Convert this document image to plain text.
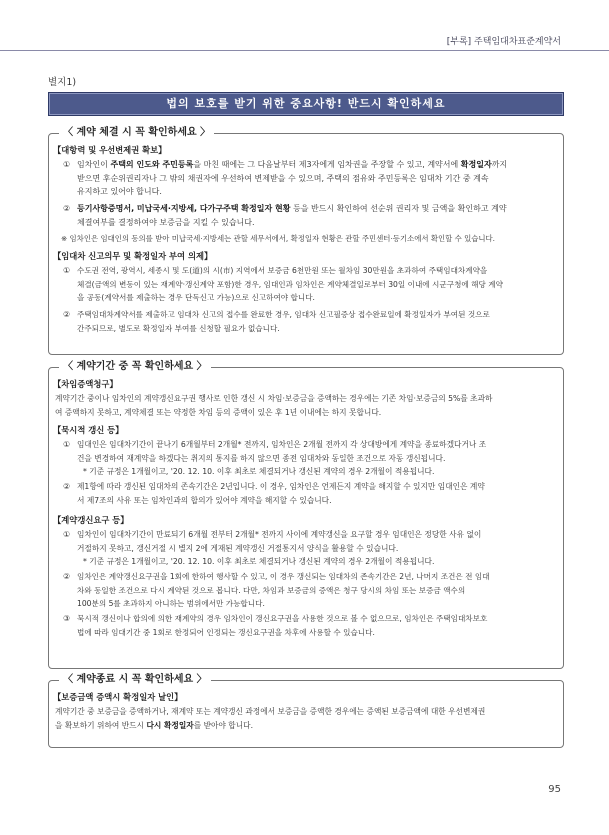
[부록] 주택임대차표준계약서
별지1)
법의 보호를 받기 위한 중요사항! 반드시 확인하세요
〈 계약 체결 시 꼭 확인하세요 〉
【대항력 및 우선변제권 확보】
① 임차인이 주택의 인도와 주민등록을 마친 때에는 그 다음날부터 제3자에게 임차권을 주장할 수 있고, 계약서에 확정일자까지
받으면 후순위권리자나 그 밖의 채권자에 우선하여 변제받을 수 있으며, 주택의 점유와 주민등록은 임대차 기간 중 계속
유지하고 있어야 합니다.
② 등기사항증명서, 미납국세·지방세, 다가구주택 확정일자 현황 등을 반드시 확인하여 선순위 권리자 및 금액을 확인하고 계약
체결여부를 결정하여야 보증금을 지킬 수 있습니다.
※ 임차인은 임대인의 동의를 받아 미납국세·지방세는 관할 세무서에서, 확정일자 현황은 관할 주민센터·등기소에서 확인할 수 있습니다.
【임대차 신고의무 및 확정일자 부여 의제】
① 수도권 전역, 광역시, 세종시 및 도(道)의 시(市) 지역에서 보증금 6천만원 또는 월차임 30만원을 초과하여 주택임대차계약을
체결(금액의 변동이 있는 재계약·갱신계약 포함)한 경우, 임대인과 임차인은 계약체결일로부터 30일 이내에 시군구청에 해당 계약
을 공동(계약서를 제출하는 경우 단독신고 가능)으로 신고하여야 합니다.
② 주택임대차계약서를 제출하고 임대차 신고의 접수를 완료한 경우, 임대차 신고필증상 접수완료일에 확정일자가 부여된 것으로
간주되므로, 별도로 확정일자 부여를 신청할 필요가 없습니다.
〈 계약기간 중 꼭 확인하세요 〉
【차임증액청구】
계약기간 중이나 임차인의 계약갱신요구권 행사로 인한 갱신 시 차임·보증금을 증액하는 경우에는 기존 차임·보증금의 5%를 초과하
여 증액하지 못하고, 계약체결 또는 약정한 차임 등의 증액이 있은 후 1년 이내에는 하지 못합니다.
【묵시적 갱신 등】
① 임대인은 임대차기간이 끝나기 6개월부터 2개월* 전까지, 임차인은 2개월 전까지 각 상대방에게 계약을 종료하겠다거나 조
건을 변경하여 재계약을 하겠다는 취지의 통지를 하지 않으면 종전 임대차와 동일한 조건으로 자동 갱신됩니다.
* 기준 규정은 1개월이고, '20. 12. 10. 이후 최초로 체결되거나 갱신된 계약의 경우 2개월이 적용됩니다.
② 제1항에 따라 갱신된 임대차의 존속기간은 2년입니다. 이 경우, 임차인은 언제든지 계약을 해지할 수 있지만 임대인은 계약
서 제7조의 사유 또는 임차인과의 합의가 있어야 계약을 해지할 수 있습니다.
【계약갱신요구 등】
① 임차인이 임대차기간이 만료되기 6개월 전부터 2개월* 전까지 사이에 계약갱신을 요구할 경우 임대인은 정당한 사유 없이
거절하지 못하고, 갱신거절 시 별지 2에 게재된 계약갱신 거절통지서 양식을 활용할 수 있습니다.
* 기준 규정은 1개월이고, '20. 12. 10. 이후 최초로 체결되거나 갱신된 계약의 경우 2개월이 적용됩니다.
② 임차인은 계약갱신요구권을 1회에 한하여 행사할 수 있고, 이 경우 갱신되는 임대차의 존속기간은 2년, 나머지 조건은 전 임대
차와 동일한 조건으로 다시 계약된 것으로 봅니다. 다만, 차임과 보증금의 증액은 청구 당시의 차임 또는 보증금 액수의
100분의 5를 초과하지 아니하는 범위에서만 가능합니다.
③ 묵시적 갱신이나 합의에 의한 재계약의 경우 임차인이 갱신요구권을 사용한 것으로 볼 수 없으므로, 임차인은 주택임대차보호
법에 따라 임대기간 중 1회로 한정되어 인정되는 갱신요구권을 차후에 사용할 수 있습니다.
〈 계약종료 시 꼭 확인하세요 〉
【보증금액 증액시 확정일자 날인】
계약기간 중 보증금을 증액하거나, 재계약 또는 계약갱신 과정에서 보증금을 증액한 경우에는 증액된 보증금액에 대한 우선변제권
을 확보하기 위하여 반드시 다시 확정일자를 받아야 합니다.
95
